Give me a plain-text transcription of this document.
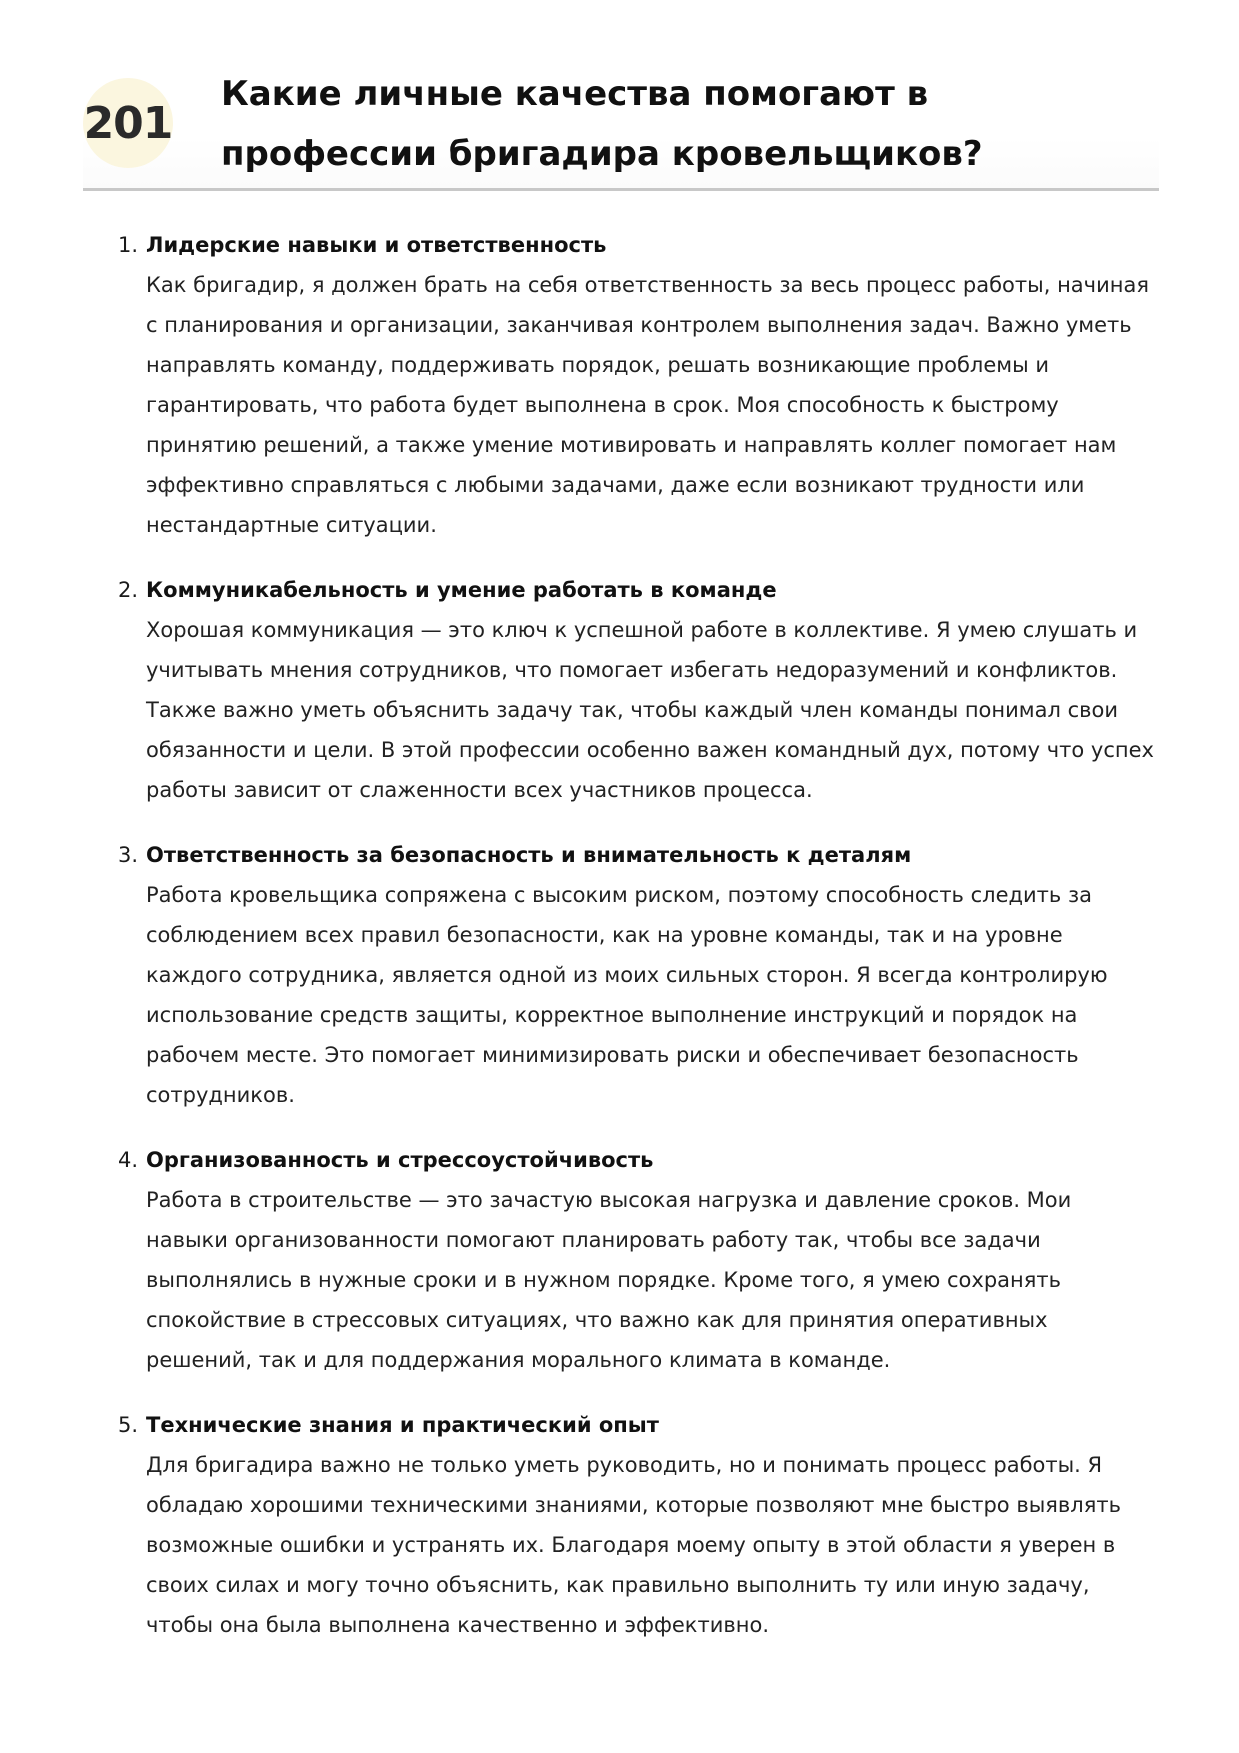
201
Какие личные качества помогают в профессии бригадира кровельщиков?
1. Лидерские навыки и ответственность

Как бригадир, я должен брать на себя ответственность за весь процесс работы, начиная с планирования и организации, заканчивая контролем выполнения задач. Важно уметь направлять команду, поддерживать порядок, решать возникающие проблемы и гарантировать, что работа будет выполнена в срок. Моя способность к быстрому принятию решений, а также умение мотивировать и направлять коллег помогает нам эффективно справляться с любыми задачами, даже если возникают трудности или нестандартные ситуации.

2. Коммуникабельность и умение работать в команде

Хорошая коммуникация — это ключ к успешной работе в коллективе. Я умею слушать и учитывать мнения сотрудников, что помогает избегать недоразумений и конфликтов. Также важно уметь объяснить задачу так, чтобы каждый член команды понимал свои обязанности и цели. В этой профессии особенно важен командный дух, потому что успех работы зависит от слаженности всех участников процесса.

3. Ответственность за безопасность и внимательность к деталям

Работа кровельщика сопряжена с высоким риском, поэтому способность следить за соблюдением всех правил безопасности, как на уровне команды, так и на уровне каждого сотрудника, является одной из моих сильных сторон. Я всегда контролирую использование средств защиты, корректное выполнение инструкций и порядок на рабочем месте. Это помогает минимизировать риски и обеспечивает безопасность сотрудников.

4. Организованность и стрессоустойчивость

Работа в строительстве — это зачастую высокая нагрузка и давление сроков. Мои навыки организованности помогают планировать работу так, чтобы все задачи выполнялись в нужные сроки и в нужном порядке. Кроме того, я умею сохранять спокойствие в стрессовых ситуациях, что важно как для принятия оперативных решений, так и для поддержания морального климата в команде.

5. Технические знания и практический опыт

Для бригадира важно не только уметь руководить, но и понимать процесс работы. Я обладаю хорошими техническими знаниями, которые позволяют мне быстро выявлять возможные ошибки и устранять их. Благодаря моему опыту в этой области я уверен в своих силах и могу точно объяснить, как правильно выполнить ту или иную задачу, чтобы она была выполнена качественно и эффективно.
